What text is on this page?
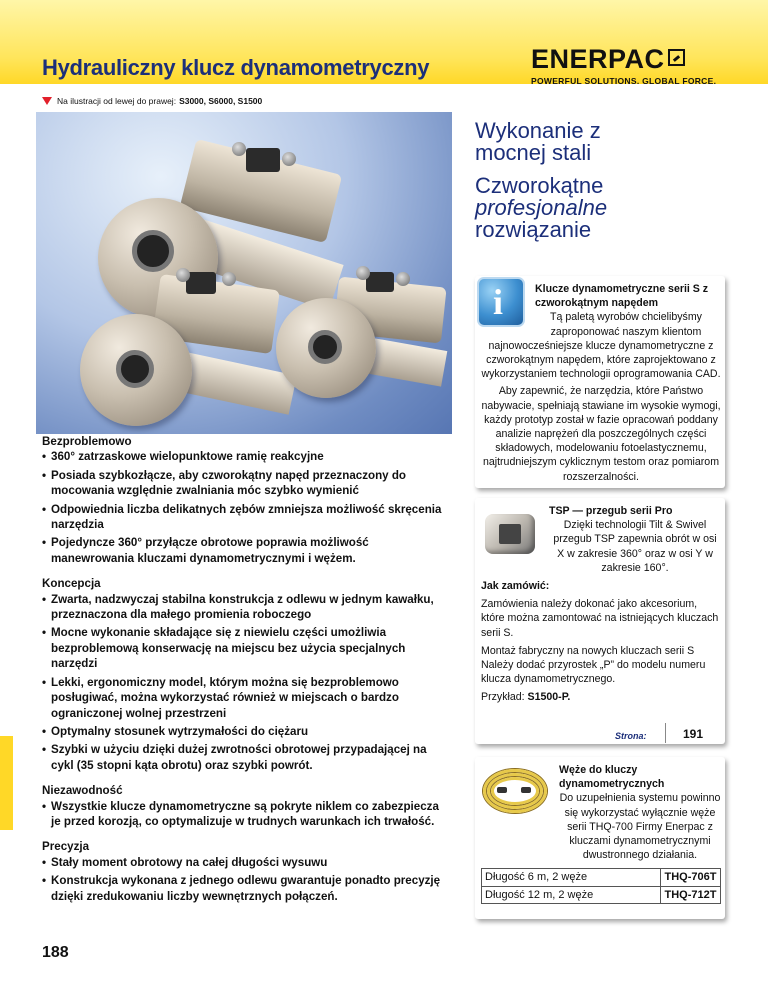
Hydrauliczny klucz dynamometryczny	ENERPAC
POWERFUL SOLUTIONS. GLOBAL FORCE.
Na ilustracji od lewej do prawej: S3000, S6000, S1500
Bezproblemowo
• 360° zatrzaskowe wielopunktowe ramię reakcyjne
• Posiada szybkozłącze, aby czworokątny napęd przeznaczony do mocowania względnie zwalniania móc szybko wymienić
• Odpowiednia liczba delikatnych zębów zmniejsza możliwość skręcenia narzędzia
• Pojedyncze 360° przyłącze obrotowe poprawia możliwość manewrowania kluczami dynamometrycznymi i wężem.
Koncepcja
• Zwarta, nadzwyczaj stabilna konstrukcja z odlewu w jednym kawałku, przeznaczona dla małego promienia roboczego
• Mocne wykonanie składające się z niewielu części umożliwia bezproblemową konserwację na miejscu bez użycia specjalnych narzędzi
• Lekki, ergonomiczny model, którym można się bezproblemowo posługiwać, można wykorzystać również w miejscach o bardzo ograniczonej wolnej przestrzeni
• Optymalny stosunek wytrzymałości do ciężaru
• Szybki w użyciu dzięki dużej zwrotności obrotowej przypadającej na cykl (35 stopni kąta obrotu) oraz szybki powrót.
Niezawodność
• Wszystkie klucze dynamometryczne są pokryte niklem co zabezpiecza je przed korozją, co optymalizuje w trudnych warunkach ich trwałość.
Precyzja
• Stały moment obrotowy na całej długości wysuwu
• Konstrukcja wykonana z jednego odlewu gwarantuje ponadto precyzję dzięki zredukowaniu liczby wewnętrznych połączeń.
188
Wykonanie z
mocnej stali
Czworokątne
profesjonalne
rozwiązanie
i	Klucze dynamometryczne serii S z czworokątnym napędem

Tą paletą wyrobów chcielibyśmy zaproponować naszym klientom najnowocześniejsze klucze dynamometryczne z czworokątnym napędem, które zaprojektowano z wykorzystaniem technologii oprogramowania CAD.

Aby zapewnić, że narzędzia, które Państwo nabywacie, spełniają stawiane im wysokie wymogi, każdy prototyp został w fazie opracowań poddany analizie naprężeń dla poszczególnych części składowych, modelowaniu fotoelastycznemu, najtrudniejszym cyklicznym testom oraz pomiarom rozszerzalności.

TSP — przegub serii Pro

Dzięki technologii Tilt & Swivel przegub TSP zapewnia obrót w osi X w zakresie 360° oraz w osi Y w zakresie 160°.

Jak zamówić:

Zamówienia należy dokonać jako akcesorium, które można zamontować na istniejących kluczach serii S.

Montaż fabryczny na nowych kluczach serii S Należy dodać przyrostek „P” do modelu numeru klucza dynamometrycznego.

Przykład: S1500-P.

Strona:	191
Węże do kluczy dynamometrycznych

Do uzupełnienia systemu powinno się wykorzystać wyłącznie węże serii THQ-700 Firmy Enerpac z kluczami dynamometrycznymi dwustronnego działania.

Długość 6 m, 2 węże	THQ-706T
Długość 12 m, 2 węże	THQ-712T
